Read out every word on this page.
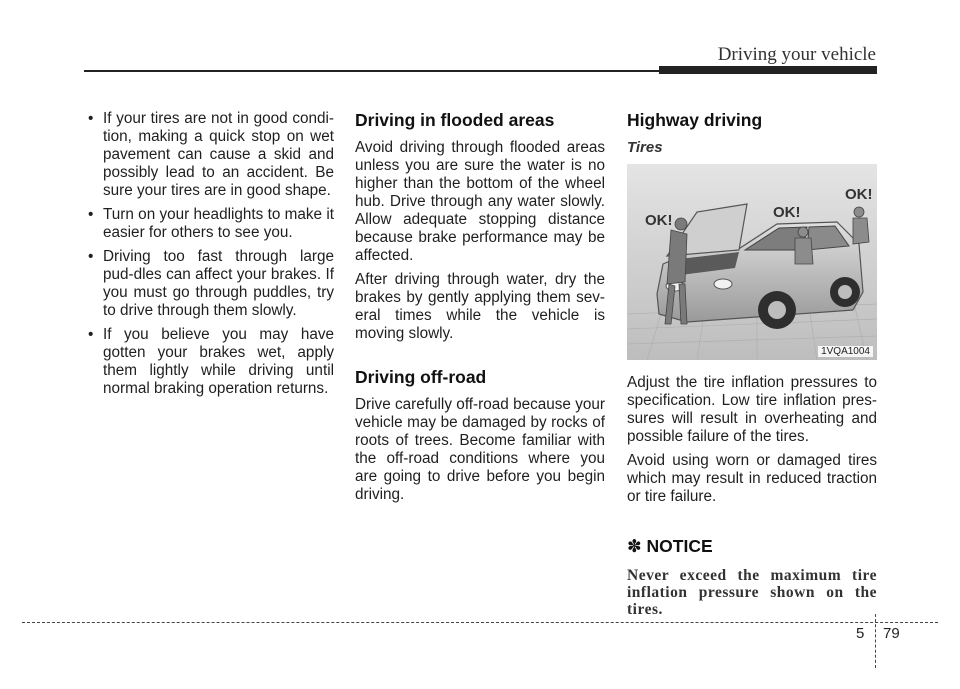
Driving your vehicle
• If your tires are not in good condi-tion, making a quick stop on wet pavement can cause a skid and possibly lead to an accident. Be sure your tires are in good shape.
• Turn on your headlights to make it easier for others to see you.
• Driving too fast through large pud-dles can affect your brakes. If you must go through puddles, try to drive through them slowly.
• If you believe you may have gotten your brakes wet, apply them lightly while driving until normal braking operation returns.
Driving in flooded areas

Avoid driving through flooded areas unless you are sure the water is no higher than the bottom of the wheel hub. Drive through any water slowly. Allow adequate stopping distance because brake performance may be affected.

After driving through water, dry the brakes by gently applying them sev-eral times while the vehicle is moving slowly.

Driving off-road

Drive carefully off-road because your vehicle may be damaged by rocks of roots of trees. Become familiar with the off-road conditions where you are going to drive before you begin driving.

Highway driving
Tires
OK!	OK!
OK!
1VQA1004

Adjust the tire inflation pressures to specification. Low tire inflation pres-sures will result in overheating and possible failure of the tires.

Avoid using worn or damaged tires which may result in reduced traction or tire failure.

✽ NOTICE

Never exceed the maximum tire inflation pressure shown on the tires.

5 79
